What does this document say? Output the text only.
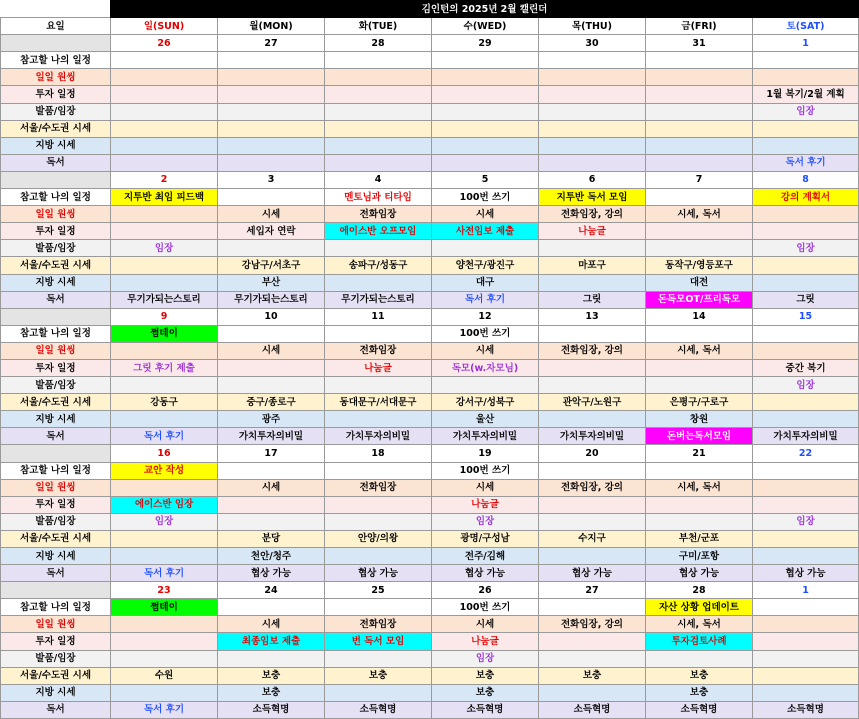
	김인턴의 2025년 2월 캘린더						
요일	일(SUN)	월(MON)	화(TUE)	수(WED)	목(THU)	금(FRI)	토(SAT)
	26	27	28	29	30	31	1
참고할 나의 일정							
일일 원씽							
투자 일정							1월 복기/2월 계획
발품/임장							임장
서울/수도권 시세							
지방 시세							
독서							독서 후기
	2	3	4	5	6	7	8
참고할 나의 일정	지투반 최임 피드백		멘토님과 티타임	100번 쓰기	지투반 독서 모임		강의 계획서
일일 원씽		시세	전화임장	시세	전화임장, 강의	시세, 독서	
투자 일정		세입자 연락	에이스반 오프모임	사전임보 제출	나눔글		
발품/임장	임장						임장
서울/수도권 시세		강남구/서초구	송파구/성동구	양천구/광진구	마포구	동작구/영등포구	
지방 시세		부산		대구		대전	
독서	무기가되는스토리	무기가되는스토리	무기가되는스토리	독서 후기	그릿	돈독모OT/프리독모	그릿
	9	10	11	12	13	14	15
참고할 나의 일정	쩜데이			100번 쓰기			
일일 원씽		시세	전화임장	시세	전화임장, 강의	시세, 독서	
투자 일정	그릿 후기 제출		나눔글	독모(w.자모님)			중간 복기
발품/임장							임장
서울/수도권 시세	강동구	중구/종로구	동대문구/서대문구	강서구/성북구	관악구/노원구	은평구/구로구	
지방 시세		광주		울산		창원	
독서	독서 후기	가치투자의비밀	가치투자의비밀	가치투자의비밀	가치투자의비밀	돈버는독서모임	가치투자의비밀
	16	17	18	19	20	21	22
참고할 나의 일정	교안 작성			100번 쓰기			
일일 원씽		시세	전화임장	시세	전화임장, 강의	시세, 독서	
투자 일정	에이스반 임장			나눔글			
발품/임장	임장			임장			임장
서울/수도권 시세		분당	안양/의왕	광명/구성남	수지구	부천/군포	
지방 시세		천안/청주		전주/김해		구미/포항	
독서	독서 후기	협상 가능	협상 가능	협상 가능	협상 가능	협상 가능	협상 가능
	23	24	25	26	27	28	1
참고할 나의 일정	쩜데이			100번 쓰기		자산 상황 업데이트	
일일 원씽		시세	전화임장	시세	전화임장, 강의	시세, 독서	
투자 일정		최종임보 제출	번 독서 모임	나눔글		투자검토사례	
발품/임장				임장			
서울/수도권 시세	수원	보충	보충	보충	보충	보충	
지방 시세		보충		보충		보충	
독서	독서 후기	소득혁명	소득혁명	소득혁명	소득혁명	소득혁명	소득혁명
